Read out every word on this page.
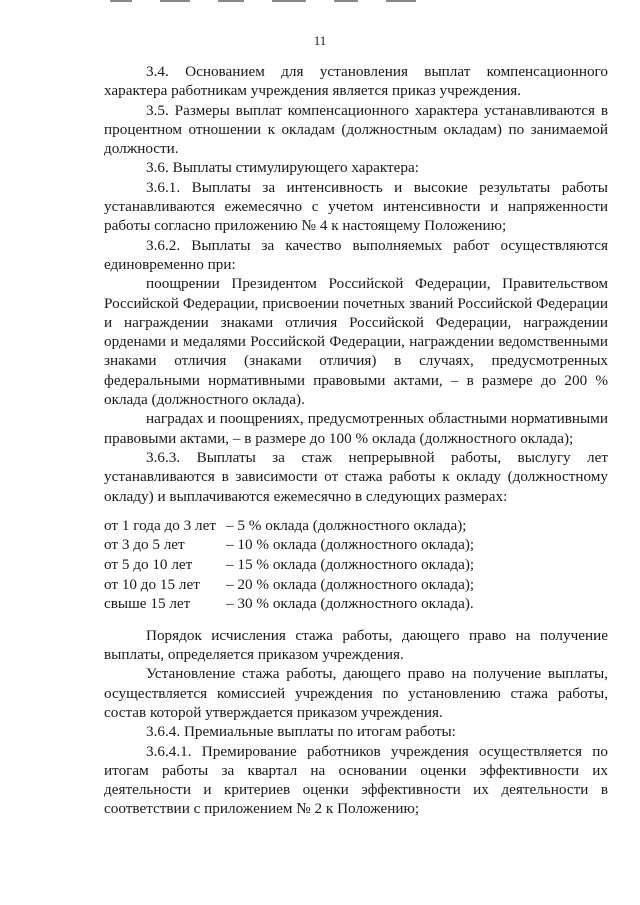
11

3.4. Основанием для установления выплат компенсационного характера работникам учреждения является приказ учреждения.

3.5. Размеры выплат компенсационного характера устанавливаются в процентном отношении к окладам (должностным окладам) по занимаемой должности.

3.6. Выплаты стимулирующего характера:

3.6.1. Выплаты за интенсивность и высокие результаты работы устанавливаются ежемесячно с учетом интенсивности и напряженности работы согласно приложению № 4 к настоящему Положению;

3.6.2. Выплаты за качество выполняемых работ осуществляются единовременно при:

поощрении Президентом Российской Федерации, Правительством Российской Федерации, присвоении почетных званий Российской Федерации и награждении знаками отличия Российской Федерации, награждении орденами и медалями Российской Федерации, награждении ведомственными знаками отличия (знаками отличия) в случаях, предусмотренных федеральными нормативными правовыми актами, – в размере до 200 % оклада (должностного оклада).

наградах и поощрениях, предусмотренных областными нормативными правовыми актами, – в размере до 100 % оклада (должностного оклада);

3.6.3. Выплаты за стаж непрерывной работы, выслугу лет устанавливаются в зависимости от стажа работы к окладу (должностному окладу) и выплачиваются ежемесячно в следующих размерах:

от 1 года до 3 лет	– 5 % оклада (должностного оклада);
от 3 до 5 лет	– 10 % оклада (должностного оклада);
от 5 до 10 лет	– 15 % оклада (должностного оклада);
от 10 до 15 лет	– 20 % оклада (должностного оклада);
свыше 15 лет	– 30 % оклада (должностного оклада).

Порядок исчисления стажа работы, дающего право на получение выплаты, определяется приказом учреждения.

Установление стажа работы, дающего право на получение выплаты, осуществляется комиссией учреждения по установлению стажа работы, состав которой утверждается приказом учреждения.

3.6.4. Премиальные выплаты по итогам работы:

3.6.4.1. Премирование работников учреждения осуществляется по итогам работы за квартал на основании оценки эффективности их деятельности и критериев оценки эффективности их деятельности в соответствии с приложением № 2 к Положению;
